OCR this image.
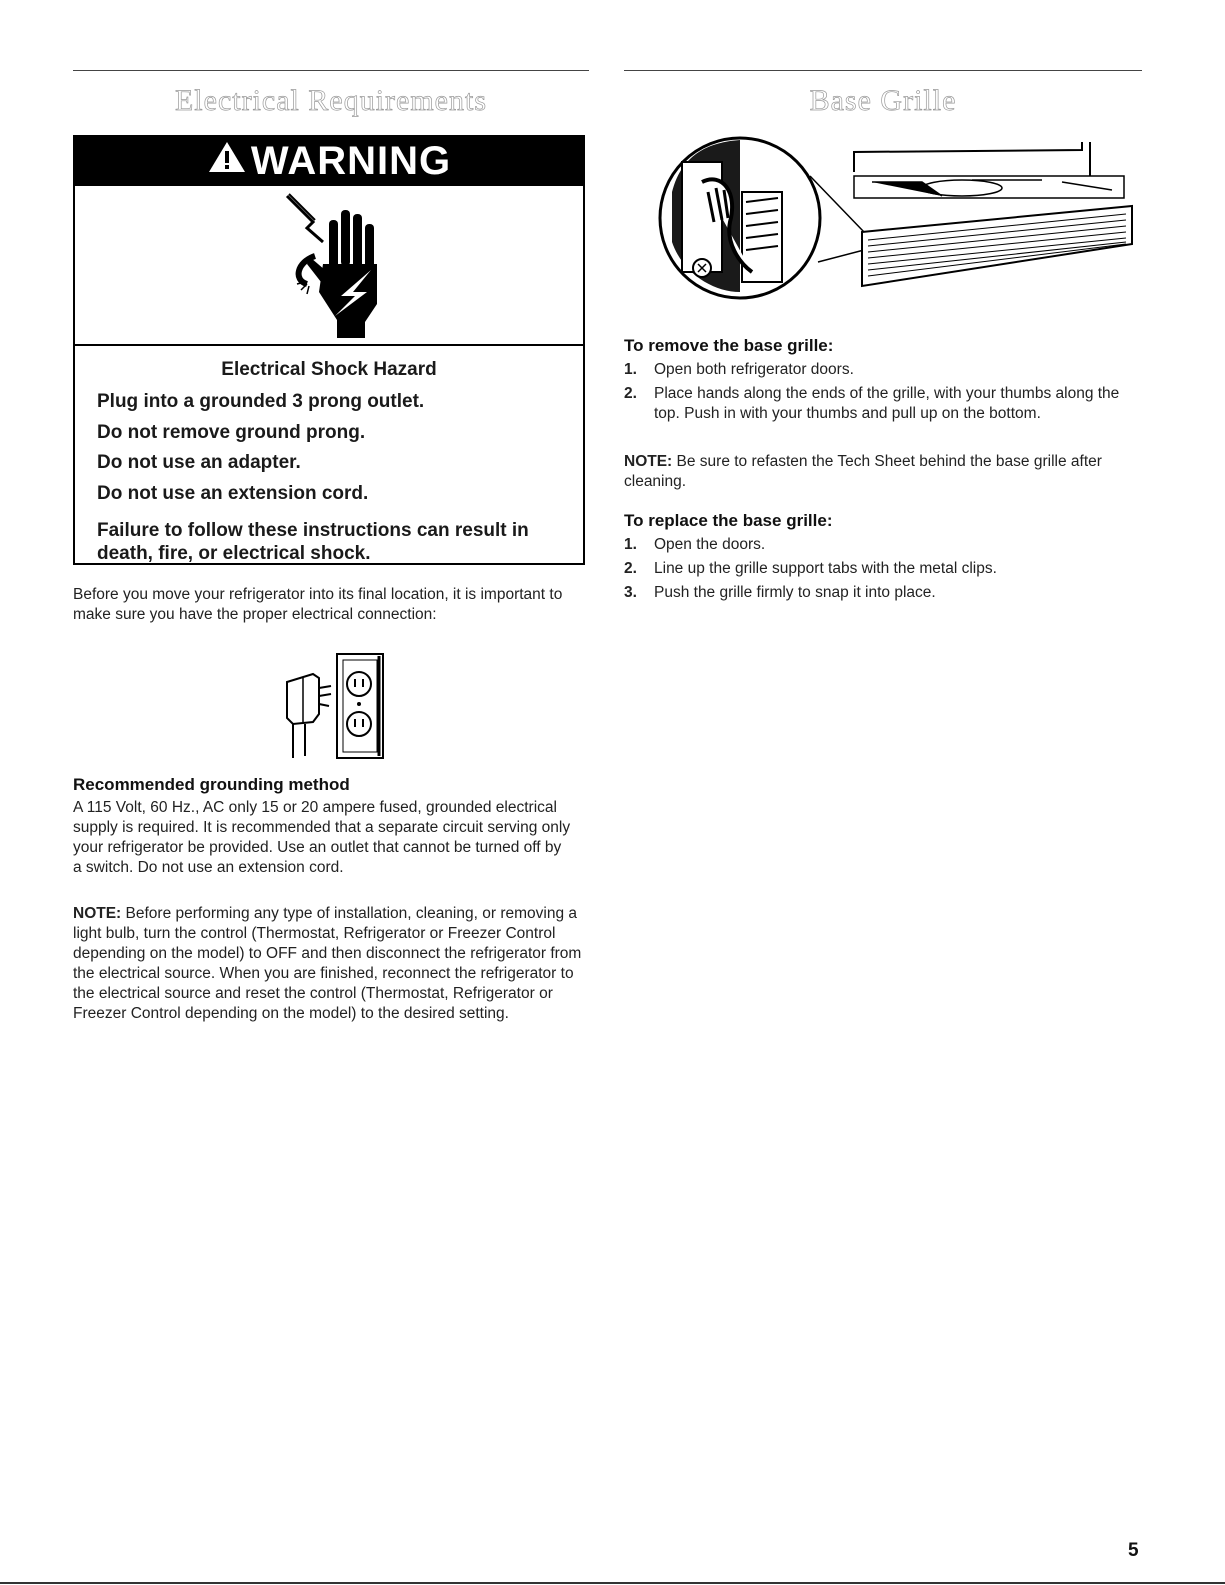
Electrical Requirements
WARNING

Electrical Shock Hazard

Plug into a grounded 3 prong outlet.

Do not remove ground prong.

Do not use an adapter.

Do not use an extension cord.

Failure to follow these instructions can result in death, fire, or electrical shock.

Before you move your refrigerator into its final location, it is important to make sure you have the proper electrical connection:

Recommended grounding method

A 115 Volt, 60 Hz., AC only 15 or 20 ampere fused, grounded electrical supply is required. It is recommended that a separate circuit serving only your refrigerator be provided. Use an outlet that cannot be turned off by a switch. Do not use an extension cord.

NOTE: Before performing any type of installation, cleaning, or removing a light bulb, turn the control (Thermostat, Refrigerator or Freezer Control depending on the model) to OFF and then disconnect the refrigerator from the electrical source. When you are finished, reconnect the refrigerator to the electrical source and reset the control (Thermostat, Refrigerator or Freezer Control depending on the model) to the desired setting.

Base Grille

To remove the base grille:

1. Open both refrigerator doors.
2. Place hands along the ends of the grille, with your thumbs along the top. Push in with your thumbs and pull up on the bottom.

NOTE: Be sure to refasten the Tech Sheet behind the base grille after cleaning.

To replace the base grille:

1. Open the doors.
2. Line up the grille support tabs with the metal clips.
3. Push the grille firmly to snap it into place.
5
